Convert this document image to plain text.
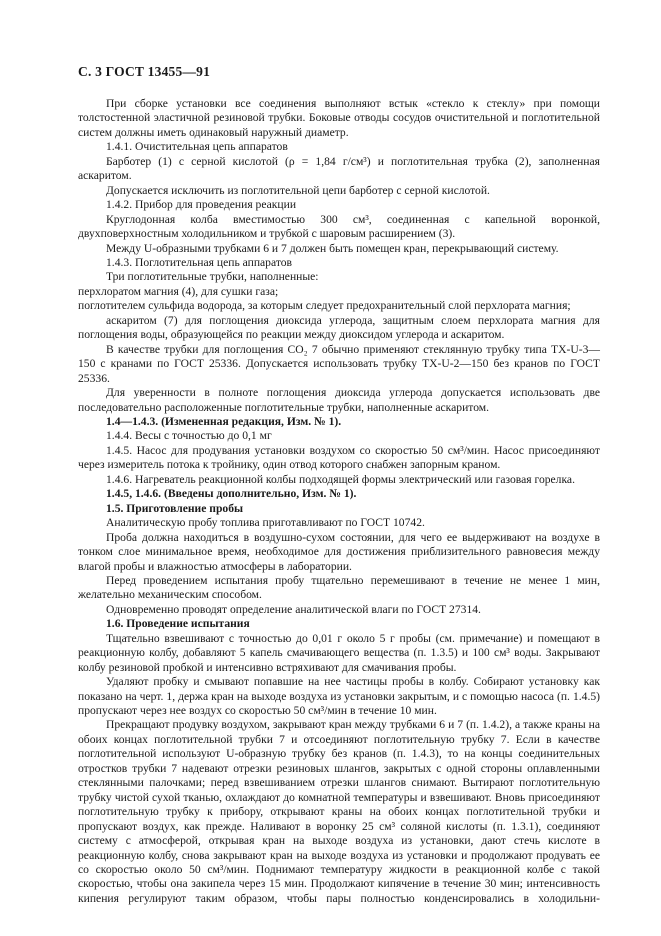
С. 3 ГОСТ 13455—91

При сборке установки все соединения выполняют встык «стекло к стеклу» при помощи толстостенной эластичной резиновой трубки. Боковые отводы сосудов очистительной и поглотительной систем должны иметь одинаковый наружный диаметр.

1.4.1. Очистительная цепь аппаратов

Барботер (1) с серной кислотой (ρ = 1,84 г/см³) и поглотительная трубка (2), заполненная аскаритом.

Допускается исключить из поглотительной цепи барботер с серной кислотой.

1.4.2. Прибор для проведения реакции

Круглодонная колба вместимостью 300 см³, соединенная с капельной воронкой, двухповерхностным холодильником и трубкой с шаровым расширением (3).

Между U-образными трубками 6 и 7 должен быть помещен кран, перекрывающий систему.

1.4.3. Поглотительная цепь аппаратов

Три поглотительные трубки, наполненные:

перхлоратом магния (4), для сушки газа;

поглотителем сульфида водорода, за которым следует предохранительный слой перхлората магния;

аскаритом (7) для поглощения диоксида углерода, защитным слоем перхлората магния для поглощения воды, образующейся по реакции между диоксидом углерода и аскаритом.

В качестве трубки для поглощения CO₂ 7 обычно применяют стеклянную трубку типа ТХ-U-3—150 с кранами по ГОСТ 25336. Допускается использовать трубку ТХ-U-2—150 без кранов по ГОСТ 25336.

Для уверенности в полноте поглощения диоксида углерода допускается использовать две последовательно расположенные поглотительные трубки, наполненные аскаритом.

1.4—1.4.3. (Измененная редакция, Изм. № 1).

1.4.4. Весы с точностью до 0,1 мг

1.4.5. Насос для продувания установки воздухом со скоростью 50 см³/мин. Насос присоединяют через измеритель потока к тройнику, один отвод которого снабжен запорным краном.

1.4.6. Нагреватель реакционной колбы подходящей формы электрический или газовая горелка.

1.4.5, 1.4.6. (Введены дополнительно, Изм. № 1).

1.5. Приготовление пробы

Аналитическую пробу топлива приготавливают по ГОСТ 10742.

Проба должна находиться в воздушно-сухом состоянии, для чего ее выдерживают на воздухе в тонком слое минимальное время, необходимое для достижения приблизительного равновесия между влагой пробы и влажностью атмосферы в лаборатории.

Перед проведением испытания пробу тщательно перемешивают в течение не менее 1 мин, желательно механическим способом.

Одновременно проводят определение аналитической влаги по ГОСТ 27314.

1.6. Проведение испытания

Тщательно взвешивают с точностью до 0,01 г около 5 г пробы (см. примечание) и помещают в реакционную колбу, добавляют 5 капель смачивающего вещества (п. 1.3.5) и 100 см³ воды. Закрывают колбу резиновой пробкой и интенсивно встряхивают для смачивания пробы.

Удаляют пробку и смывают попавшие на нее частицы пробы в колбу. Собирают установку как показано на черт. 1, держа кран на выходе воздуха из установки закрытым, и с помощью насоса (п. 1.4.5) пропускают через нее воздух со скоростью 50 см³/мин в течение 10 мин.

Прекращают продувку воздухом, закрывают кран между трубками 6 и 7 (п. 1.4.2), а также краны на обоих концах поглотительной трубки 7 и отсоединяют поглотительную трубку 7. Если в качестве поглотительной используют U-образную трубку без кранов (п. 1.4.3), то на концы соединительных отростков трубки 7 надевают отрезки резиновых шлангов, закрытых с одной стороны оплавленными стеклянными палочками; перед взвешиванием отрезки шлангов снимают. Вытирают поглотительную трубку чистой сухой тканью, охлаждают до комнатной температуры и взвешивают. Вновь присоединяют поглотительную трубку к прибору, открывают краны на обоих концах поглотительной трубки и пропускают воздух, как прежде. Наливают в воронку 25 см³ соляной кислоты (п. 1.3.1), соединяют систему с атмосферой, открывая кран на выходе воздуха из установки, дают стечь кислоте в реакционную колбу, снова закрывают кран на выходе воздуха из установки и продолжают продувать ее со скоростью около 50 см³/мин. Поднимают температуру жидкости в реакционной колбе с такой скоростью, чтобы она закипела через 15 мин. Продолжают кипячение в течение 30 мин; интенсивность кипения регулируют таким образом, чтобы пары полностью конденсировались в холодильни-
